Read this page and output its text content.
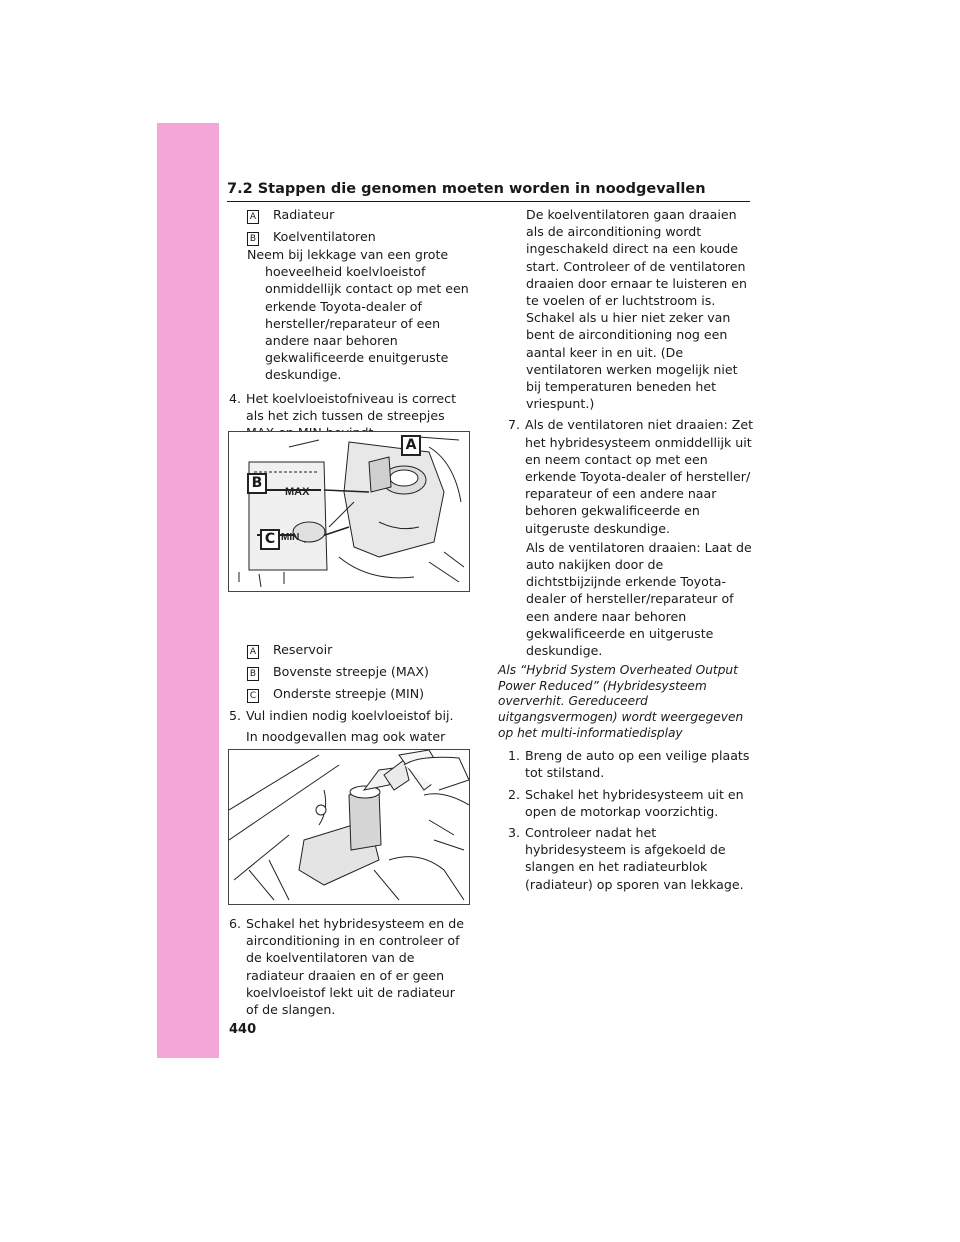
7.2 Stappen die genomen moeten worden in noodgevallen
A Radiateur
B Koelventilatoren

Neem bij lekkage van een grote hoeveelheid koelvloeistof onmiddellijk contact op met een erkende Toyota-dealer of hersteller/reparateur of een andere naar behoren gekwalificeerde enuitgeruste deskundige.

4. Het koelvloeistofniveau is correct als het zich tussen de streepjes
A Reservoir
B Bovenste streepje (MAX)
C Onderste streepje (MIN)
5. Vul indien nodig koelvloeistof bij.

In noodgevallen mag ook water

6. Schakel het hybridesysteem en de airconditioning in en controleer of de koelventilatoren van de radiateur draaien en of er geen koelvloeistof lekt uit de radiateur of de slangen.
MAX
MIN
A
B
C

De koelventilatoren gaan draaien als de airconditioning wordt ingeschakeld direct na een koude start. Controleer of de ventilatoren draaien door ernaar te luisteren en te voelen of er luchtstroom is. Schakel als u hier niet zeker van bent de airconditioning nog een aantal keer in en uit. (De ventilatoren werken mogelijk niet bij temperaturen beneden het vriespunt.)

7. Als de ventilatoren niet draaien: Zet het hybridesysteem onmiddellijk uit en neem contact op met een erkende Toyota-dealer of hersteller/ reparateur of een andere naar behoren gekwalificeerde en uitgeruste deskundige.

Als de ventilatoren draaien: Laat de auto nakijken door de dichtstbijzijnde erkende Toyota-dealer of hersteller/reparateur of een andere naar behoren gekwalificeerde en uitgeruste deskundige.

Als “Hybrid System Overheated Output Power Reduced” (Hybridesysteem oververhit. Gereduceerd uitgangsvermogen) wordt weergegeven op het multi-informatiedisplay

1. Breng de auto op een veilige plaats tot stilstand.
2. Schakel het hybridesysteem uit en open de motorkap voorzichtig.
3. Controleer nadat het hybridesysteem is afgekoeld de slangen en het radiateurblok (radiateur) op sporen van lekkage.
440
